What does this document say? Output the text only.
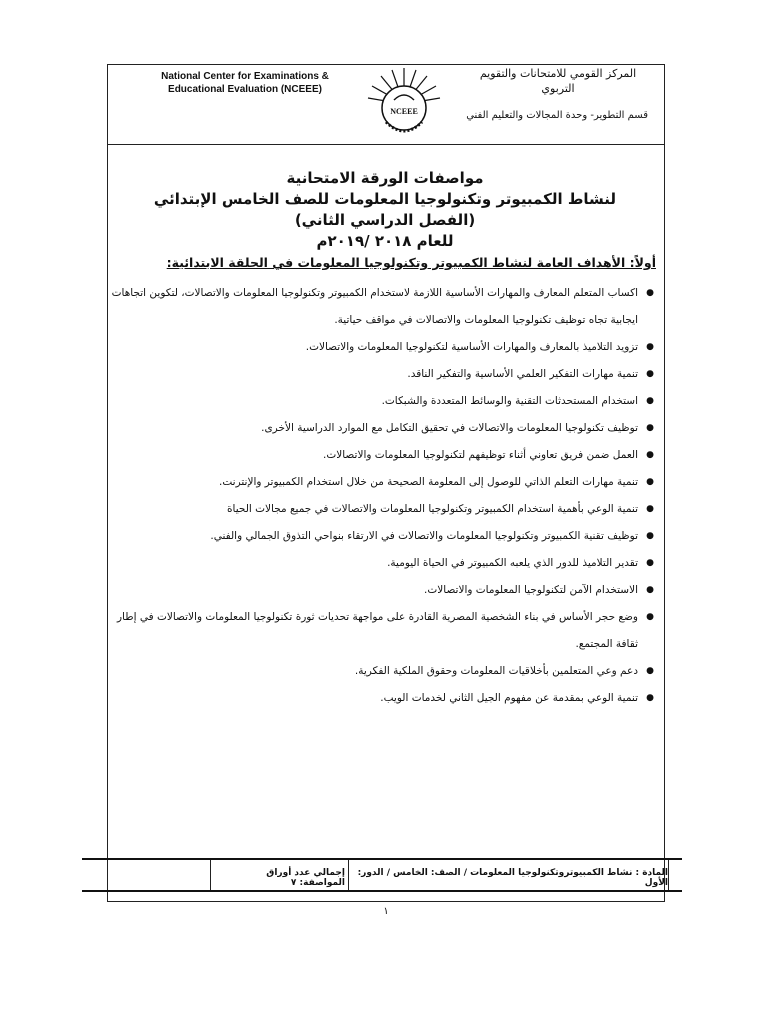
National Center for Examinations &
Educational Evaluation (NCEEE)
NCEEE
المركز القومي للامتحانات والتقويم
التربوي
قسم التطوير- وحدة المجالات والتعليم الفني
مواصفات الورقة الامتحانية
لنشاط الكمبيوتر وتكنولوجيا المعلومات للصف الخامس الإبتدائي
(الفصل الدراسي الثاني)
للعام ٢٠١٨ /٢٠١٩م
أولاً: الأهداف العامة لنشاط الكمبيوتر وتكنولوجيا المعلومات في الحلقة الابتدائية:
●
اكساب المتعلم المعارف والمهارات الأساسية اللازمة لاستخدام الكمبيوتر وتكنولوجيا المعلومات والاتصالات، لتكوين اتجاهات ايجابية تجاه توظيف تكنولوجيا المعلومات والاتصالات في مواقف حياتية.
●
تزويد التلاميذ بالمعارف والمهارات الأساسية لتكنولوجيا المعلومات والاتصالات.
●
تنمية مهارات التفكير العلمي الأساسية والتفكير الناقد.
●
استخدام المستحدثات التقنية والوسائط المتعددة والشبكات.
●
توظيف تكنولوجيا المعلومات والاتصالات في تحقيق التكامل مع الموارد الدراسية الأخرى.
●
العمل ضمن فريق تعاوني أثناء توظيفهم لتكنولوجيا المعلومات والاتصالات.
●
تنمية مهارات التعلم الذاتي للوصول إلى المعلومة الصحيحة من خلال استخدام الكمبيوتر والإنترنت.
●
تنمية الوعي بأهمية استخدام الكمبيوتر وتكنولوجيا المعلومات والاتصالات في جميع مجالات الحياة
●
توظيف تقنية الكمبيوتر وتكنولوجيا المعلومات والاتصالات في الارتقاء بنواحي التذوق الجمالي والفني.
●
تقدير التلاميذ للدور الذي يلعبه الكمبيوتر في الحياة اليومية.
●
الاستخدام الآمن لتكنولوجيا المعلومات والاتصالات.
●
وضع حجر الأساس في بناء الشخصية المصرية القادرة على مواجهة تحديات ثورة تكنولوجيا المعلومات والاتصالات في إطار ثقافة المجتمع.
●
دعم وعي المتعلمين بأخلاقيات المعلومات وحقوق الملكية الفكرية.
●
تنمية الوعي بمقدمة عن مفهوم الجيل الثاني لخدمات الويب.
المادة : نشاط الكمبيوتروتكنولوجيا المعلومات / الصف: الخامس / الدور: الأول
إجمالي عدد أوراق المواصفة: ٧
١
